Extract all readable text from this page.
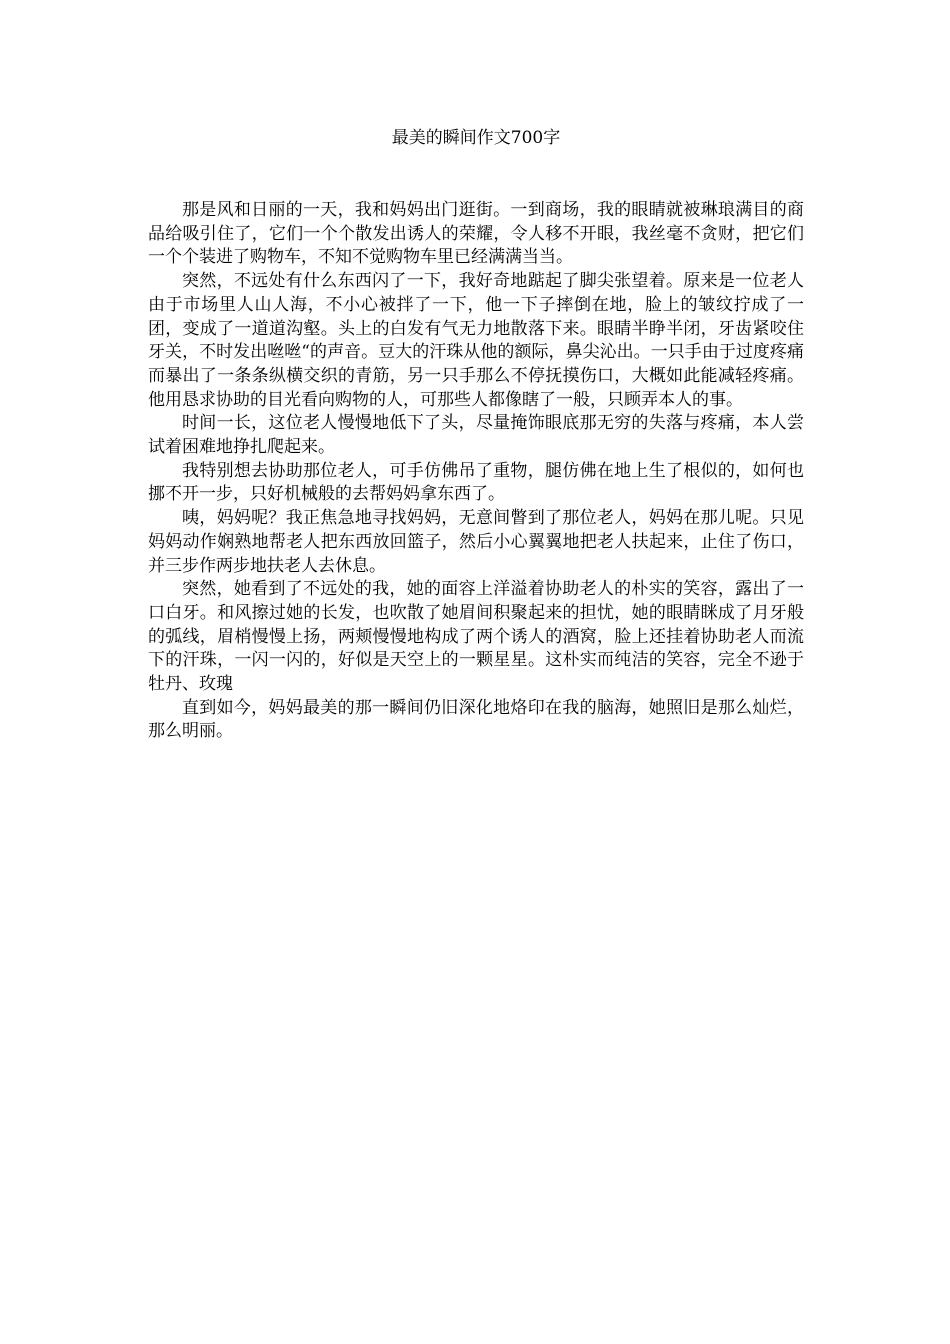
最美的瞬间作文700字

那是风和日丽的一天，我和妈妈出门逛街。一到商场，我的眼睛就被琳琅满目的商品给吸引住了，它们一个个散发出诱人的荣耀，令人移不开眼，我丝毫不贪财，把它们一个个装进了购物车，不知不觉购物车里已经满满当当。

突然，不远处有什么东西闪了一下，我好奇地踮起了脚尖张望着。原来是一位老人由于市场里人山人海，不小心被拌了一下，他一下子摔倒在地，脸上的皱纹拧成了一团，变成了一道道沟壑。头上的白发有气无力地散落下来。眼睛半睁半闭，牙齿紧咬住牙关，不时发出咝咝“的声音。豆大的汗珠从他的额际，鼻尖沁出。一只手由于过度疼痛而暴出了一条条纵横交织的青筋，另一只手那么不停抚摸伤口，大概如此能减轻疼痛。他用恳求协助的目光看向购物的人，可那些人都像瞎了一般，只顾弄本人的事。

时间一长，这位老人慢慢地低下了头，尽量掩饰眼底那无穷的失落与疼痛，本人尝试着困难地挣扎爬起来。

我特别想去协助那位老人，可手仿佛吊了重物，腿仿佛在地上生了根似的，如何也挪不开一步，只好机械般的去帮妈妈拿东西了。

咦，妈妈呢？我正焦急地寻找妈妈，无意间瞥到了那位老人，妈妈在那儿呢。只见妈妈动作娴熟地帮老人把东西放回篮子，然后小心翼翼地把老人扶起来，止住了伤口，并三步作两步地扶老人去休息。

突然，她看到了不远处的我，她的面容上洋溢着协助老人的朴实的笑容，露出了一口白牙。和风擦过她的长发，也吹散了她眉间积聚起来的担忧，她的眼睛眯成了月牙般的弧线，眉梢慢慢上扬，两颊慢慢地构成了两个诱人的酒窝，脸上还挂着协助老人而流下的汗珠，一闪一闪的，好似是天空上的一颗星星。这朴实而纯洁的笑容，完全不逊于牡丹、玫瑰

直到如今，妈妈最美的那一瞬间仍旧深化地烙印在我的脑海，她照旧是那么灿烂，那么明丽。
